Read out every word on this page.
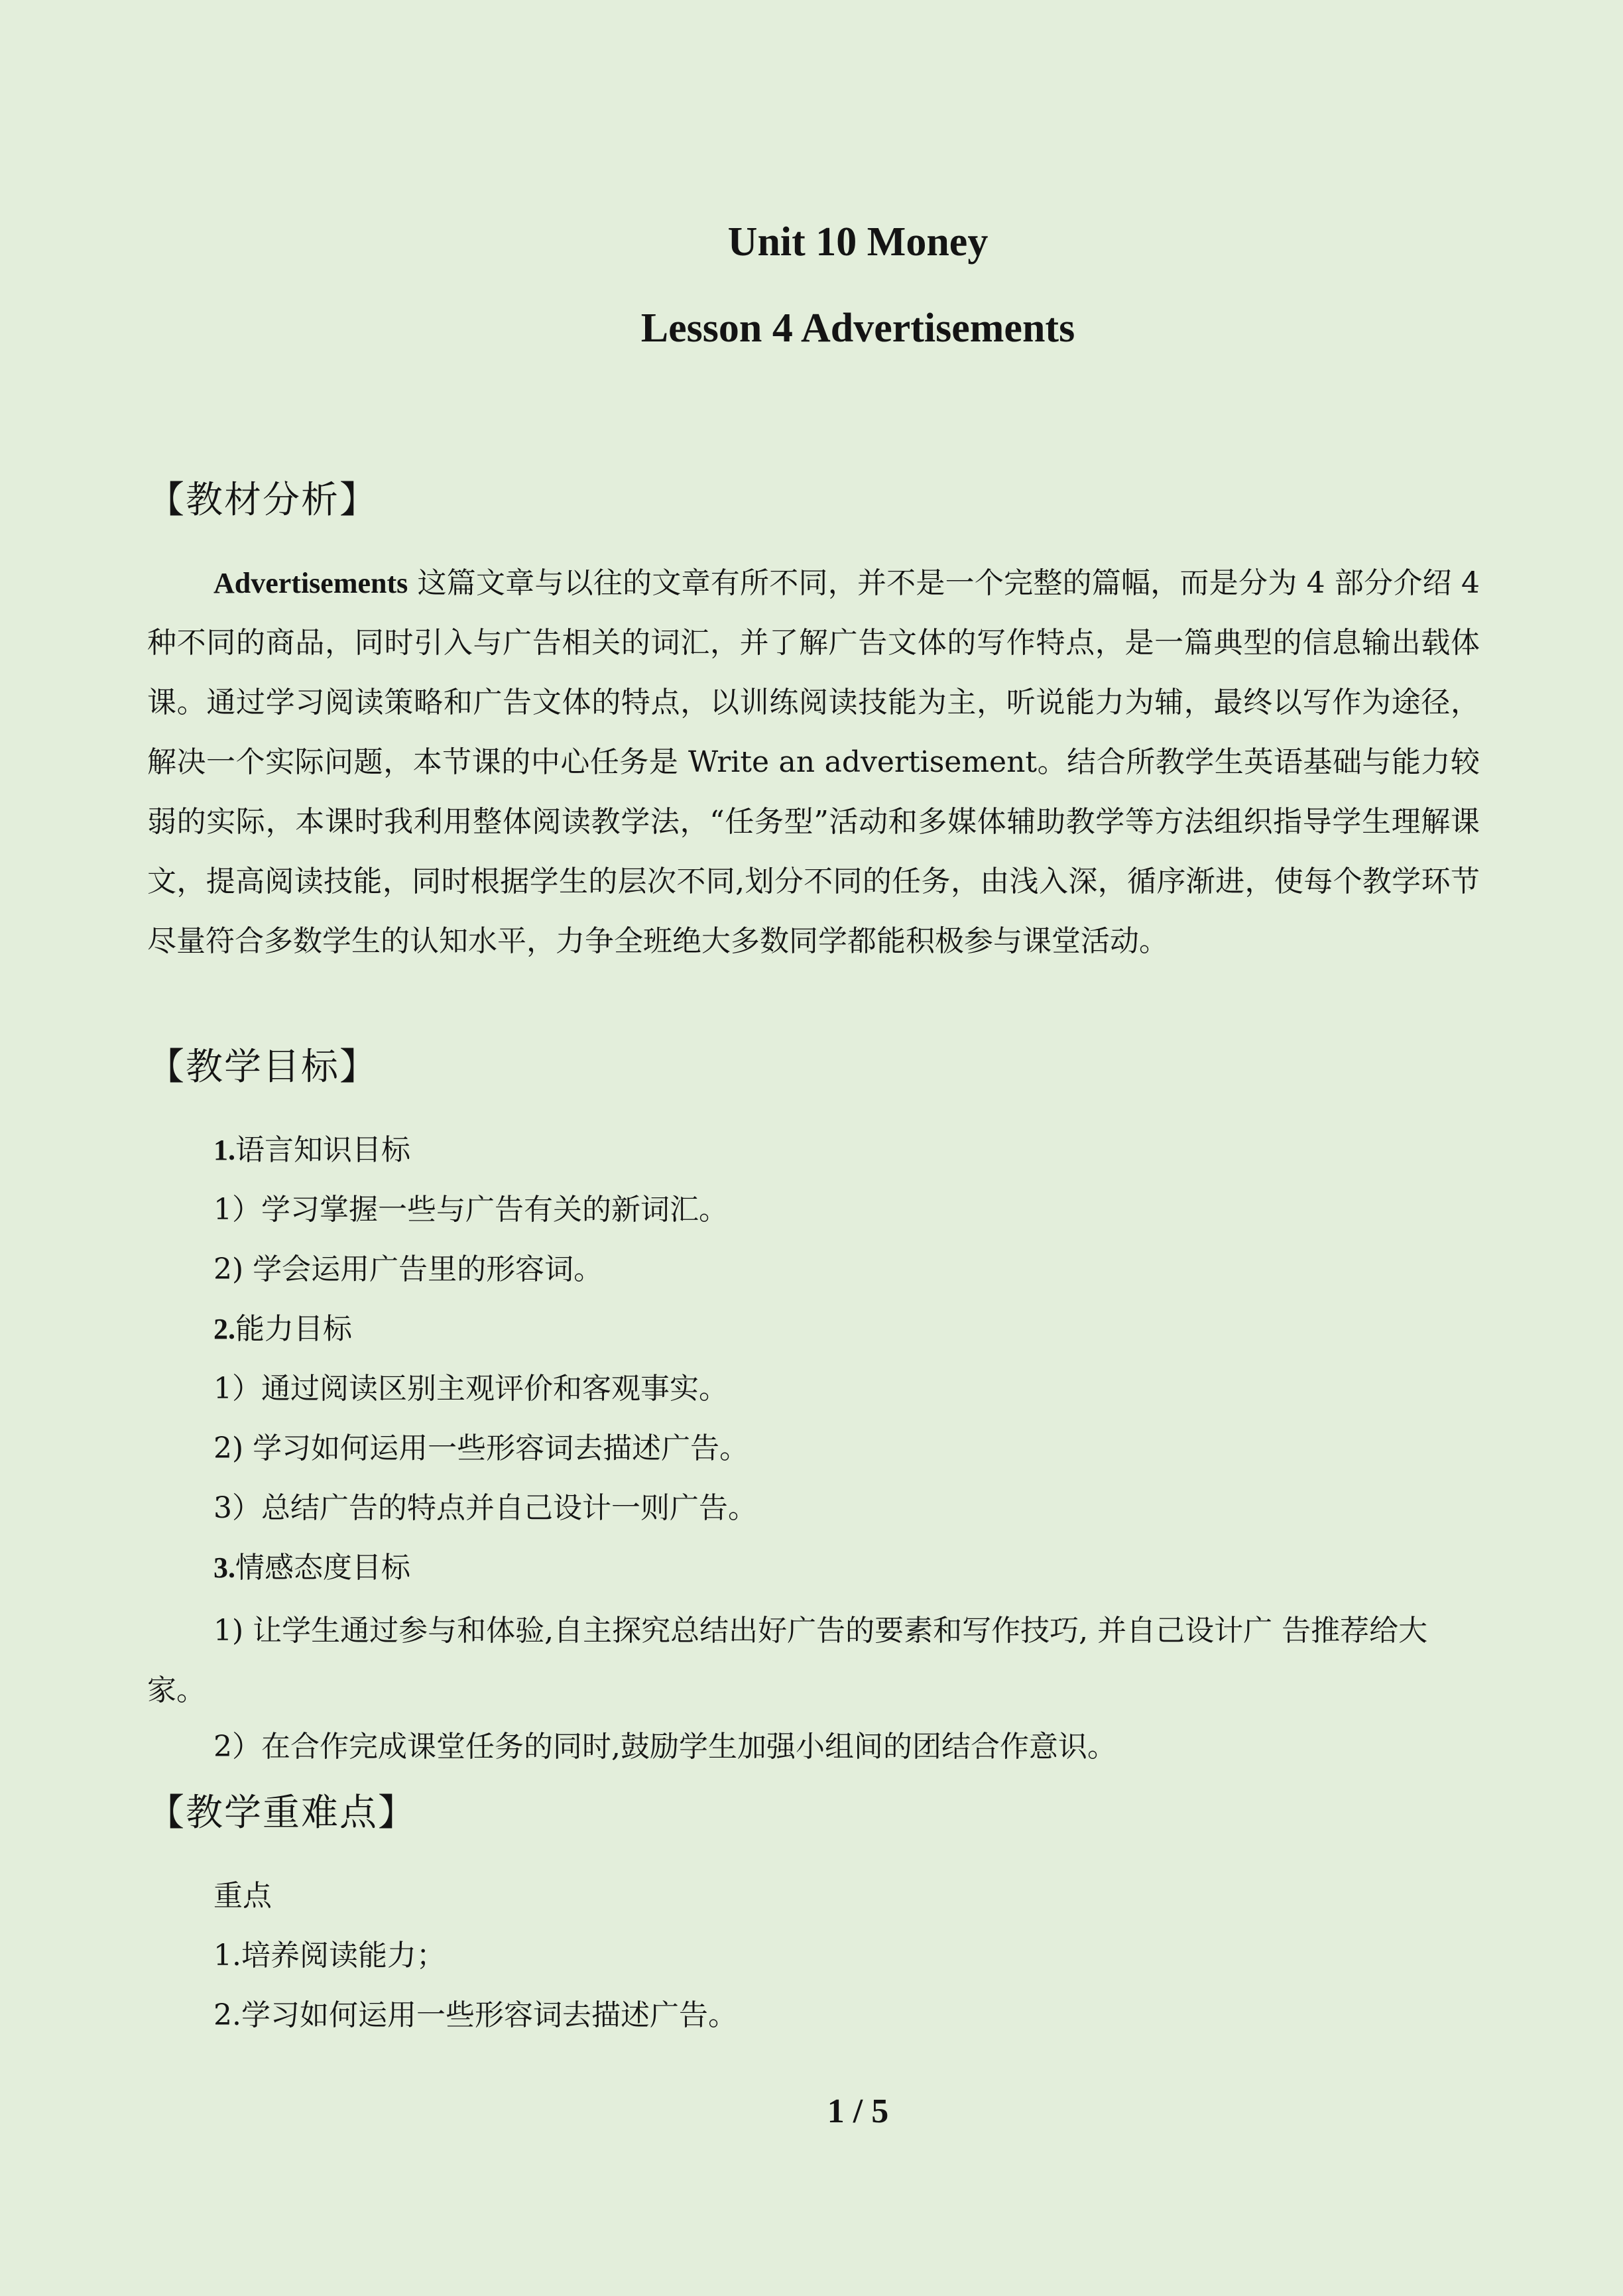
Unit 10 Money
Lesson 4 Advertisements
【教材分析】
Advertisements 这篇文章与以往的文章有所不同，并不是一个完整的篇幅，而是分为 4 部分介绍 4 种不同的商品，同时引入与广告相关的词汇，并了解广告文体的写作特点，是一篇典型的信息输出载体课。通过学习阅读策略和广告文体的特点，以训练阅读技能为主，听说能力为辅，最终以写作为途径，解决一个实际问题，本节课的中心任务是 Write an advertisement。结合所教学生英语基础与能力较弱的实际，本课时我利用整体阅读教学法，“任务型”活动和多媒体辅助教学等方法组织指导学生理解课文，提高阅读技能，同时根据学生的层次不同,划分不同的任务，由浅入深，循序渐进，使每个教学环节尽量符合多数学生的认知水平，力争全班绝大多数同学都能积极参与课堂活动。
【教学目标】
1.语言知识目标
1）学习掌握一些与广告有关的新词汇。
2) 学会运用广告里的形容词。
2.能力目标
1）通过阅读区别主观评价和客观事实。
2) 学习如何运用一些形容词去描述广告。
3）总结广告的特点并自己设计一则广告。
3.情感态度目标
1) 让学生通过参与和体验,自主探究总结出好广告的要素和写作技巧, 并自己设计广 告推荐给大家。
2）在合作完成课堂任务的同时,鼓励学生加强小组间的团结合作意识。
【教学重难点】
重点
1.培养阅读能力；
2.学习如何运用一些形容词去描述广告。
1 / 5
